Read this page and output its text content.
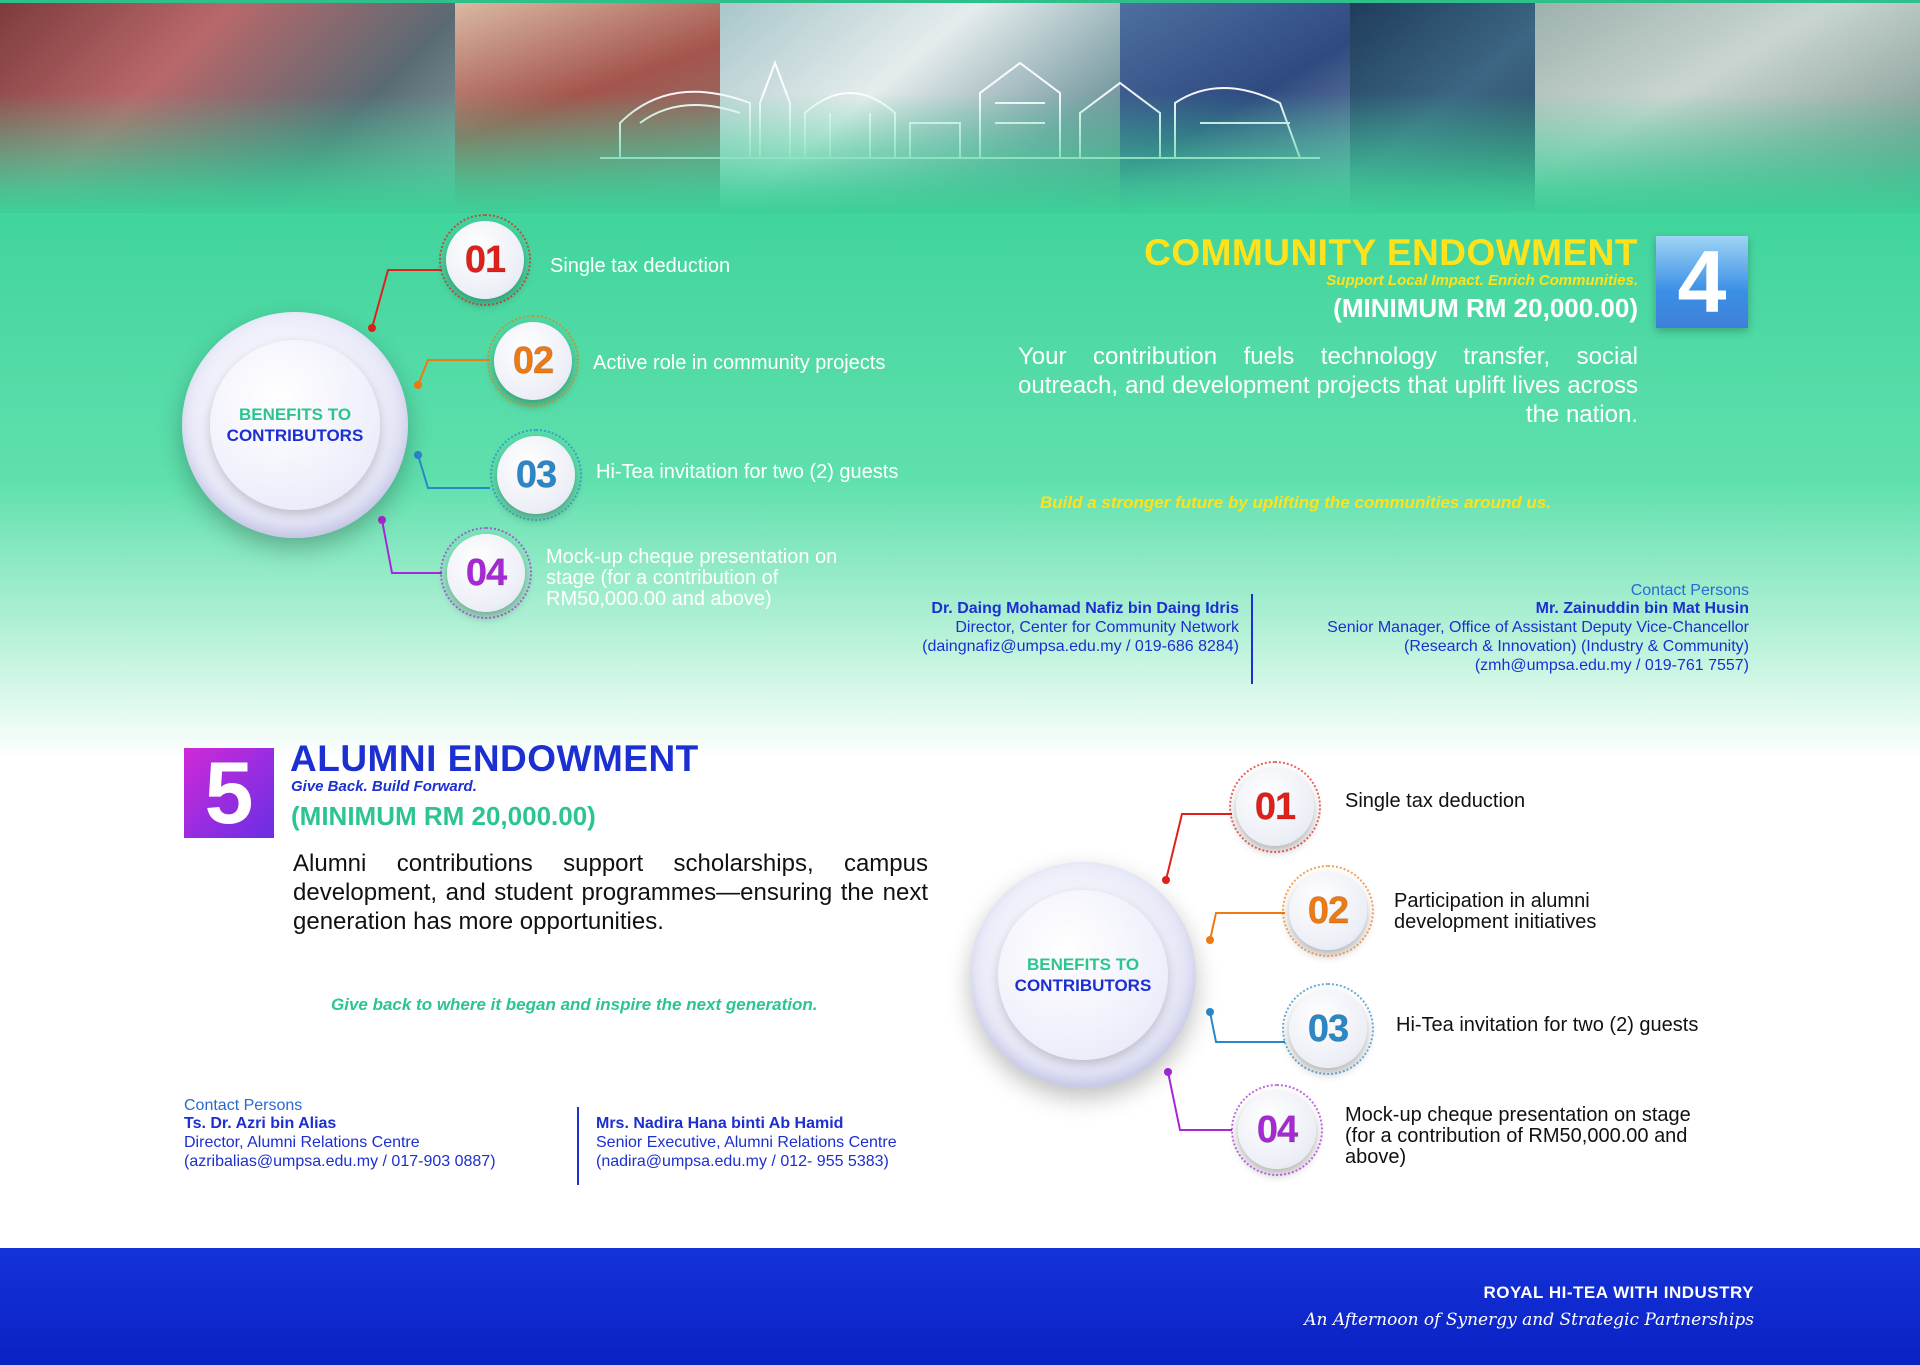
BENEFITS TO
CONTRIBUTORS
01	Single tax deduction
02	Active role in community projects
03	Hi-Tea invitation for two (2) guests
04	Mock-up cheque presentation on stage (for a contribution of RM50,000.00 and above)
COMMUNITY ENDOWMENT
Support Local Impact. Enrich Communities.
(MINIMUM RM 20,000.00) 4
Your contribution fuels technology transfer, social outreach, and development projects that uplift lives across the nation.
Build a stronger future by uplifting the communities around us.
Contact Persons
Dr. Daing Mohamad Nafiz bin Daing Idris
Director, Center for Community Network
(daingnafiz@umpsa.edu.my / 019-686 8284)
Mr. Zainuddin bin Mat Husin
Senior Manager, Office of Assistant Deputy Vice-Chancellor
(Research & Innovation) (Industry & Community)
(zmh@umpsa.edu.my / 019-761 7557)
5 ALUMNI ENDOWMENT
Give Back. Build Forward.
(MINIMUM RM 20,000.00)
Alumni contributions support scholarships, campus development, and student programmes—ensuring the next generation has more opportunities.
Give back to where it began and inspire the next generation.
Contact Persons
Ts. Dr. Azri bin Alias
Director, Alumni Relations Centre
(azribalias@umpsa.edu.my / 017-903 0887)
Mrs. Nadira Hana binti Ab Hamid
Senior Executive, Alumni Relations Centre
(nadira@umpsa.edu.my / 012- 955 5383)
BENEFITS TO
CONTRIBUTORS
01	Single tax deduction
02	Participation in alumni development initiatives
03	Hi-Tea invitation for two (2) guests
04	Mock-up cheque presentation on stage (for a contribution of RM50,000.00 and above)
ROYAL HI-TEA WITH INDUSTRY
An Afternoon of Synergy and Strategic Partnerships
